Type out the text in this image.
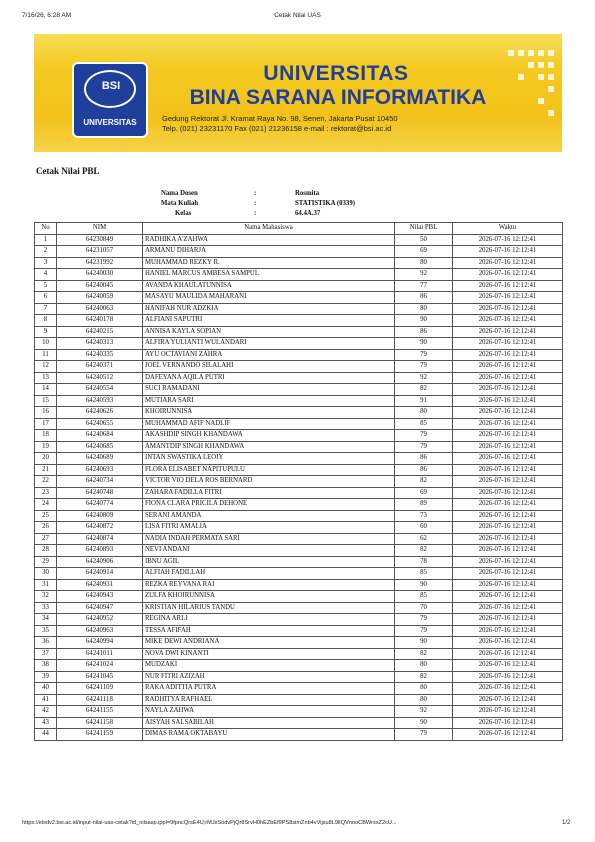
7/16/26, 6:28 AM	Cetak Nilai UAS
BSI
UNIVERSITAS
UNIVERSITAS
BINA SARANA INFORMATIKA
Gedung Rektorat Jl. Kramat Raya No. 98, Senen, Jakarta Pusat 10450
Telp. (021) 23231170 Fax (021) 21236158 e-mail : rektorat@bsi.ac.id
Cetak Nilai PBL
Nama Dosen	:	Rosmita
Mata Kuliah	:	STATISTIKA (0339)
Kelas	:	64.4A.37
No	NIM	Nama Mahasiswa	Nilai PBL	Waktu
1	64230849	RADHIKA A'ZAHWA	50	2026-07-16 12:12:41
2	64231057	ARMANU DIHARJA	69	2026-07-16 12:12:41
3	64231992	MUHAMMAD REZKY R.	80	2026-07-16 12:12:41
4	64240030	HANIEL MARCUS AMBESA SAMPUL	92	2026-07-16 12:12:41
5	64240045	AVANDA KHAULATUNNISA	77	2026-07-16 12:12:41
6	64240059	MASAYU MAULIDA MAHARANI	86	2026-07-16 12:12:41
7	64240063	HANIFAH NUR ADZKIA	80	2026-07-16 12:12:41
8	64240178	ALFIANI SAPUTRI	90	2026-07-16 12:12:41
9	64240215	ANNISA KAYLA SOPIAN	86	2026-07-16 12:12:41
10	64240313	ALFIRA YULIANTI WULANDARI	90	2026-07-16 12:12:41
11	64240335	AYU OCTAVIANI ZAHRA	79	2026-07-16 12:12:41
12	64240371	JOEL VERNANDO SILALAHI	79	2026-07-16 12:12:41
13	64240512	DAFEYANA AQILA PUTRI	92	2026-07-16 12:12:41
14	64240554	SUCI RAMADANI	82	2026-07-16 12:12:41
15	64240593	MUTIARA SARI	91	2026-07-16 12:12:41
16	64240626	KHOIRUNNISA	80	2026-07-16 12:12:41
17	64240655	MUHAMMAD AFIF NADLIF	85	2026-07-16 12:12:41
18	64240684	AKASHDIP SINGH KHANDAWA	79	2026-07-16 12:12:41
19	64240685	AMANTDIP SINGH KHANDAWA	79	2026-07-16 12:12:41
20	64240689	INTAN SWASTIKA LEOIY	86	2026-07-16 12:12:41
21	64240693	FLORA ELISABET NAPITUPULU	86	2026-07-16 12:12:41
22	64240734	VICTOR VIO DELA ROS BERNARD	82	2026-07-16 12:12:41
23	64240748	ZAHARA FADILLA FITRI	69	2026-07-16 12:12:41
24	64240774	FIONA CLARA PRICILA DEHONE	89	2026-07-16 12:12:41
25	64240809	SERANI AMANDA	73	2026-07-16 12:12:41
26	64240872	LISA FITRI AMALIA	60	2026-07-16 12:12:41
27	64240874	NADIA INDAH PERMATA SARI	62	2026-07-16 12:12:41
28	64240893	NEVI ANDANI	82	2026-07-16 12:12:41
29	64240906	IBNU AGIL	78	2026-07-16 12:12:41
30	64240914	ALFIAH FADILLAH	85	2026-07-16 12:12:41
31	64240931	REZKA REYVANA RAI	90	2026-07-16 12:12:41
32	64240943	ZULFA KHOIRUNNISA	85	2026-07-16 12:12:41
33	64240947	KRISTIAN HILARIUS TANDU	70	2026-07-16 12:12:41
34	64240952	REGINA ARLI	79	2026-07-16 12:12:41
35	64240963	TESSA AFIFAH	79	2026-07-16 12:12:41
36	64240994	MIKE DEWI ANDRIANA	90	2026-07-16 12:12:41
37	64241011	NOVA DWI KINANTI	82	2026-07-16 12:12:41
38	64241024	MUDZAKI	80	2026-07-16 12:12:41
39	64241045	NUR FITRI AZIZAH	82	2026-07-16 12:12:41
40	64241109	RAKA ADITTIA PUTRA	80	2026-07-16 12:12:41
41	64241118	RADHITYA RAFHAEL	80	2026-07-16 12:12:41
42	64241155	NAYLA ZAHWA	92	2026-07-16 12:12:41
43	64241158	AISYAH SALSABILAH	90	2026-07-16 12:12:41
44	64241159	DIMAS RAMA OKTABAYU	79	2026-07-16 12:12:41
https://elsdv2.bsi.ac.id/input-nilai-uas-cetak?id_nilsasp.ippl=9fpncQrsE4U;rMJsSodvPjQr8SrvH0hEZbEf9PS8simZnb4vVijsu8L9lIQVnooCBWrsxZ2cU...	1/2
